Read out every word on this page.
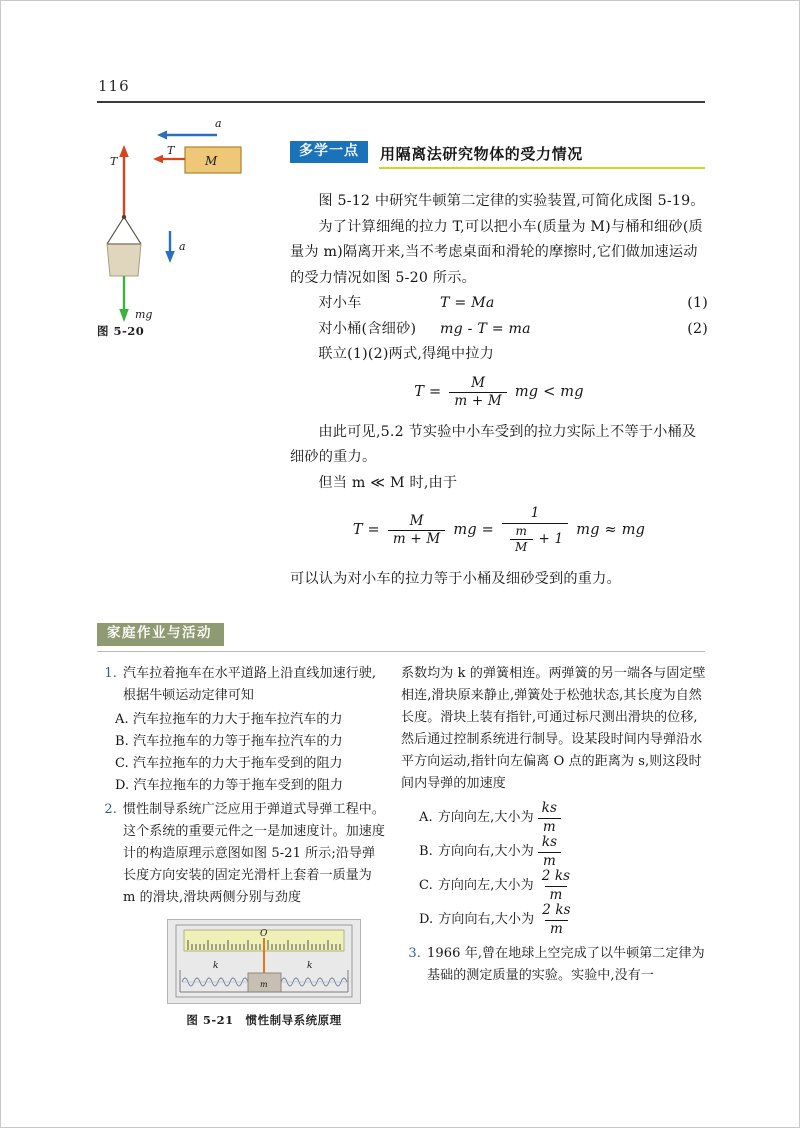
116
a
T
M
T
a
mg
图 5-20
多学一点	用隔离法研究物体的受力情况

图 5-12 中研究牛顿第二定律的实验装置,可简化成图 5-19。

为了计算细绳的拉力 T,可以把小车(质量为 M)与桶和细砂(质量为 m)隔离开来,当不考虑桌面和滑轮的摩擦时,它们做加速运动的受力情况如图 5-20 所示。

对小车	T = Ma	(1)
对小桶(含细砂)	mg - T = ma	(2)

联立(1)(2)两式,得绳中拉力

$T = \frac{M}{m + M}$ mg < mg

由此可见,5.2 节实验中小车受到的拉力实际上不等于小桶及细砂的重力。

但当 m ≪ M 时,由于

$T = \frac{M}{m + M}$ mg = $\frac{1}{\frac{m}{M} + 1}$ mg ≈ mg

可以认为对小车的拉力等于小桶及细砂受到的重力。

家庭作业与活动
1. 汽车拉着拖车在水平道路上沿直线加速行驶,根据牛顿运动定律可知
A. 汽车拉拖车的力大于拖车拉汽车的力
B. 汽车拉拖车的力等于拖车拉汽车的力
C. 汽车拉拖车的力大于拖车受到的阻力
D. 汽车拉拖车的力等于拖车受到的阻力
2. 惯性制导系统广泛应用于弹道式导弹工程中。这个系统的重要元件之一是加速度计。加速度计的构造原理示意图如图 5-21 所示;沿导弹长度方向安装的固定光滑杆上套着一质量为 m 的滑块,滑块两侧分别与劲度
O
k	k
m
图 5-21　惯性制导系统原理

系数均为 k 的弹簧相连。两弹簧的另一端各与固定壁相连,滑块原来静止,弹簧处于松弛状态,其长度为自然长度。滑块上装有指针,可通过标尺测出滑块的位移,然后通过控制系统进行制导。设某段时间内导弹沿水平方向运动,指针向左偏离 O 点的距离为 s,则这段时间内导弹的加速度

A. 方向向左,大小为 $\frac{ks}{m}$
B. 方向向右,大小为 $\frac{ks}{m}$
C. 方向向左,大小为 $\frac{2 ks}{m}$
D. 方向向右,大小为 $\frac{2 ks}{m}$
3. 1966 年,曾在地球上空完成了以牛顿第二定律为基础的测定质量的实验。实验中,没有一
